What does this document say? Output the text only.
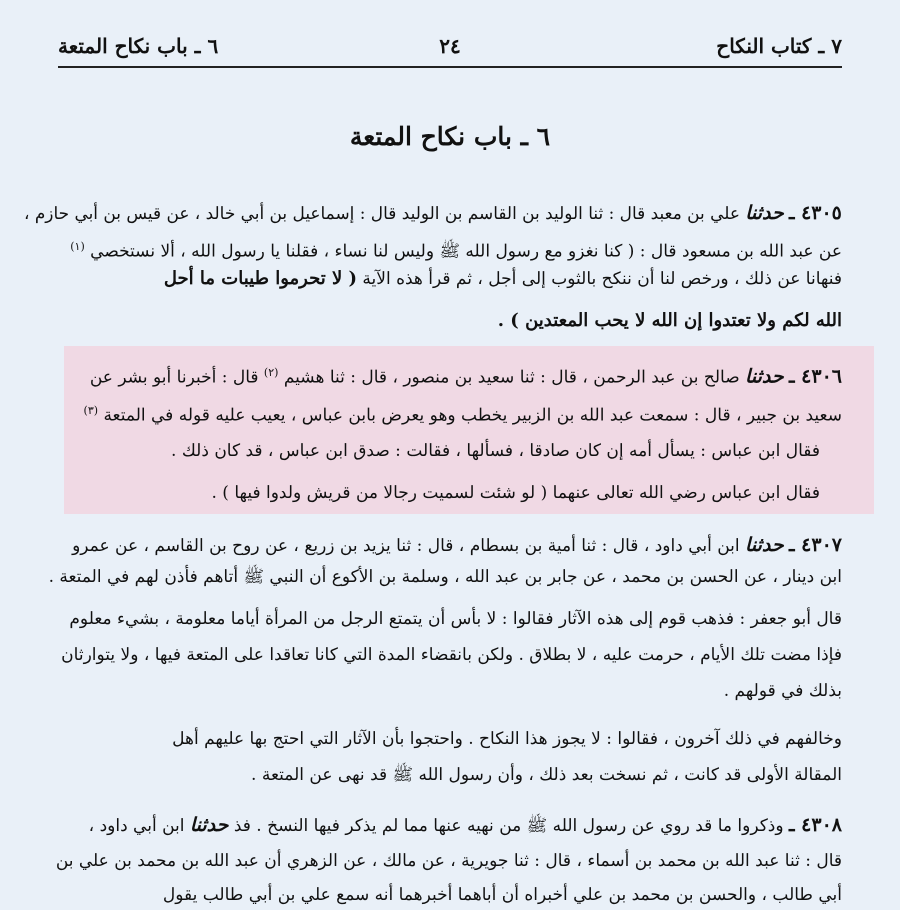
٧ ـ كتاب النكاح
٢٤
٦ ـ باب نكاح المتعة
٦ ـ باب نكاح المتعة
٤٣٠٥ ـ حدثنا علي بن معبد قال : ثنا الوليد بن القاسم بن الوليد قال : إسماعيل بن أبي خالد ، عن قيس بن أبي حازم ،
عن عبد الله بن مسعود قال : ( كنا نغزو مع رسول الله ﷺ وليس لنا نساء ، فقلنا يا رسول الله ، ألا نستخصي $^{(١)}$
فنهانا عن ذلك ، ورخص لنا أن ننكح بالثوب إلى أجل ، ثم قرأ هذه الآية ( لا تحرموا طيبات ما أحل
الله لكم ولا تعتدوا إن الله لا يحب المعتدين ) .
٤٣٠٦ ـ حدثنا صالح بن عبد الرحمن ، قال : ثنا سعيد بن منصور ، قال : ثنا هشيم $^{(٢)}$ قال : أخبرنا أبو بشر عن
سعيد بن جبير ، قال : سمعت عبد الله بن الزبير يخطب وهو يعرض بابن عباس ، يعيب عليه قوله في المتعة $^{(٣)}$
فقال ابن عباس : يسأل أمه إن كان صادقا ، فسألها ، فقالت : صدق ابن عباس ، قد كان ذلك .
فقال ابن عباس رضي الله تعالى عنهما ( لو شئت لسميت رجالا من قريش ولدوا فيها ) .
٤٣٠٧ ـ حدثنا ابن أبي داود ، قال : ثنا أمية بن بسطام ، قال : ثنا يزيد بن زريع ، عن روح بن القاسم ، عن عمرو
ابن دينار ، عن الحسن بن محمد ، عن جابر بن عبد الله ، وسلمة بن الأكوع أن النبي ﷺ أتاهم فأذن لهم في المتعة .
قال أبو جعفر : فذهب قوم إلى هذه الآثار فقالوا : لا بأس أن يتمتع الرجل من المرأة أياما معلومة ، بشيء معلوم
فإذا مضت تلك الأيام ، حرمت عليه ، لا بطلاق . ولكن بانقضاء المدة التي كانا تعاقدا على المتعة فيها ، ولا يتوارثان
بذلك في قولهم .
وخالفهم في ذلك آخرون ، فقالوا : لا يجوز هذا النكاح . واحتجوا بأن الآثار التي احتج بها عليهم أهل
المقالة الأولى قد كانت ، ثم نسخت بعد ذلك ، وأن رسول الله ﷺ قد نهى عن المتعة .
٤٣٠٨ ـ وذكروا ما قد روي عن رسول الله ﷺ من نهيه عنها مما لم يذكر فيها النسخ . فذ حدثنا ابن أبي داود ،
قال : ثنا عبد الله بن محمد بن أسماء ، قال : ثنا جويرية ، عن مالك ، عن الزهري أن عبد الله بن محمد بن علي بن
أبي طالب ، والحسن بن محمد بن علي أخبراه أن أباهما أخبرهما أنه سمع علي بن أبي طالب يقول
